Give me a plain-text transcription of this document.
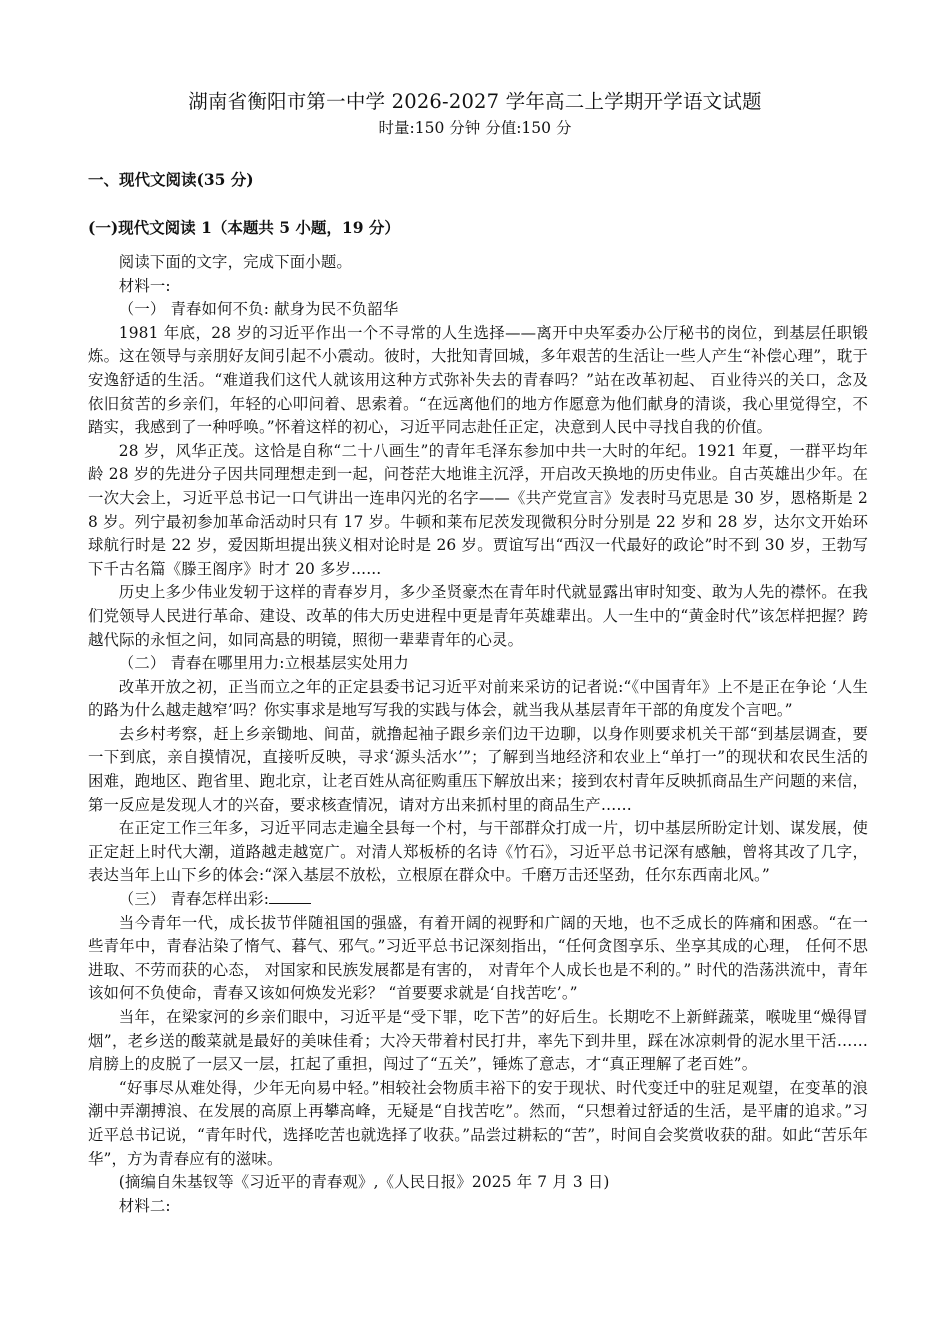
湖南省衡阳市第一中学 2026-2027 学年高二上学期开学语文试题
时量:150 分钟 分值:150 分
一、现代文阅读(35 分)
(一)现代文阅读 1（本题共 5 小题，19 分）

阅读下面的文字，完成下面小题。

材料一:

（一） 青春如何不负: 献身为民不负韶华

1981 年底，28 岁的习近平作出一个不寻常的人生选择——离开中央军委办公厅秘书的岗位，到基层任职锻炼。这在领导与亲朋好友间引起不小震动。彼时，大批知青回城，多年艰苦的生活让一些人产生“补偿心理”，耽于安逸舒适的生活。“难道我们这代人就该用这种方式弥补失去的青春吗？”站在改革初起、 百业待兴的关口，念及依旧贫苦的乡亲们，年轻的心叩问着、思索着。“在远离他们的地方作愿意为他们献身的清谈，我心里觉得空，不踏实，我感到了一种呼唤。”怀着这样的初心，习近平同志赴任正定，决意到人民中寻找自我的价值。

28 岁，风华正茂。这恰是自称“二十八画生”的青年毛泽东参加中共一大时的年纪。1921 年夏，一群平均年龄 28 岁的先进分子因共同理想走到一起，问苍茫大地谁主沉浮，开启改天换地的历史伟业。自古英雄出少年。在一次大会上，习近平总书记一口气讲出一连串闪光的名字——《共产党宣言》发表时马克思是 30 岁，恩格斯是 28 岁。列宁最初参加革命活动时只有 17 岁。牛顿和莱布尼茨发现微积分时分别是 22 岁和 28 岁，达尔文开始环球航行时是 22 岁，爱因斯坦提出狭义相对论时是 26 岁。贾谊写出“西汉一代最好的政论”时不到 30 岁，王勃写下千古名篇《滕王阁序》时才 20 多岁......

历史上多少伟业发轫于这样的青春岁月，多少圣贤豪杰在青年时代就显露出审时知变、敢为人先的襟怀。在我们党领导人民进行革命、建设、改革的伟大历史进程中更是青年英雄辈出。人一生中的“黄金时代”该怎样把握？跨越代际的永恒之问，如同高悬的明镜，照彻一辈辈青年的心灵。

（二） 青春在哪里用力:立根基层实处用力

改革开放之初，正当而立之年的正定县委书记习近平对前来采访的记者说:“《中国青年》上不是正在争论 ‘人生的路为什么越走越窄’吗？你实事求是地写写我的实践与体会，就当我从基层青年干部的角度发个言吧。”

去乡村考察，赶上乡亲锄地、间苗，就撸起袖子跟乡亲们边干边聊，以身作则要求机关干部“到基层调查，要一下到底，亲自摸情况，直接听反映，寻求‘源头活水’”；了解到当地经济和农业上“单打一”的现状和农民生活的困难，跑地区、跑省里、跑北京，让老百姓从高征购重压下解放出来；接到农村青年反映抓商品生产问题的来信，第一反应是发现人才的兴奋，要求核查情况，请对方出来抓村里的商品生产……

在正定工作三年多，习近平同志走遍全县每一个村，与干部群众打成一片，切中基层所盼定计划、谋发展，使正定赶上时代大潮，道路越走越宽广。对清人郑板桥的名诗《竹石》，习近平总书记深有感触，曾将其改了几字，表达当年上山下乡的体会:“深入基层不放松，立根原在群众中。千磨万击还坚劲，任尔东西南北风。”

（三） 青春怎样出彩:

当今青年一代，成长拔节伴随祖国的强盛，有着开阔的视野和广阔的天地，也不乏成长的阵痛和困惑。“在一些青年中，青春沾染了惰气、暮气、邪气。”习近平总书记深刻指出，“任何贪图享乐、坐享其成的心理， 任何不思进取、不劳而获的心态， 对国家和民族发展都是有害的， 对青年个人成长也是不利的。” 时代的浩荡洪流中，青年该如何不负使命，青春又该如何焕发光彩？ “首要要求就是‘自找苦吃’。”

当年，在梁家河的乡亲们眼中，习近平是“受下罪，吃下苦”的好后生。长期吃不上新鲜蔬菜，喉咙里“燥得冒烟”，老乡送的酸菜就是最好的美味佳肴；大冷天带着村民打井，率先下到井里，踩在冰凉刺骨的泥水里干活……肩膀上的皮脱了一层又一层，扛起了重担，闯过了“五关”，锤炼了意志，才“真正理解了老百姓”。

“好事尽从难处得，少年无向易中轻。”相较社会物质丰裕下的安于现状、时代变迁中的驻足观望，在变革的浪潮中弄潮搏浪、在发展的高原上再攀高峰，无疑是“自找苦吃”。然而，“只想着过舒适的生活，是平庸的追求。”习近平总书记说，“青年时代，选择吃苦也就选择了收获。”品尝过耕耘的“苦”，时间自会奖赏收获的甜。如此“苦乐年华”，方为青春应有的滋味。

(摘编自朱基钗等《习近平的青春观》,《人民日报》2025 年 7 月 3 日)

材料二:
